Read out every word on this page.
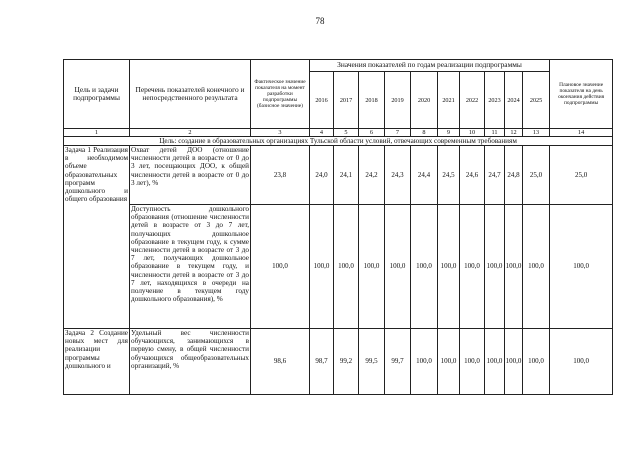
78
Цель и задачи подпрограммы	Перечень показателей конечного и непосредственного результата	Фактическое значение показателя на момент разработки подпрограммы (базисное значение)	Значения показателей по годам реализации подпрограммы										Плановое значение показателя на день окончания действия подпрограммы
			2016	2017	2018	2019	2020	2021	2022	2023	2024	2025	
1	2	3	4	5	6	7	8	9	10	11	12	13	14
Цель: создание в образовательных организациях Тульской области условий, отвечающих современным требованиям													
Задача 1 Реализация в необходимом объеме образовательных программ дошкольного и общего образования	Охват детей ДОО (отношение численности детей в возрасте от 0 до 3 лет, посещающих ДОО, к общей численности детей в возрасте от 0 до 3 лет), %	23,8	24,0	24,1	24,2	24,3	24,4	24,5	24,6	24,7	24,8	25,0	25,0
	Доступность дошкольного образования (отношение численности детей в возрасте от 3 до 7 лет, получающих дошкольное образование в текущем году, к сумме численности детей в возрасте от 3 до 7 лет, получающих дошкольное образование в текущем году, и численности детей в возрасте от 3 до 7 лет, находящихся в очереди на получение в текущем году дошкольного образования), %	100,0	100,0	100,0	100,0	100,0	100,0	100,0	100,0	100,0	100,0	100,0	100,0
Задача 2 Создание новых мест для реализации программы дошкольного и	Удельный вес численности обучающихся, занимающихся в первую смену, в общей численности обучающихся общеобразовательных организаций, %	98,6	98,7	99,2	99,5	99,7	100,0	100,0	100,0	100,0	100,0	100,0	100,0
